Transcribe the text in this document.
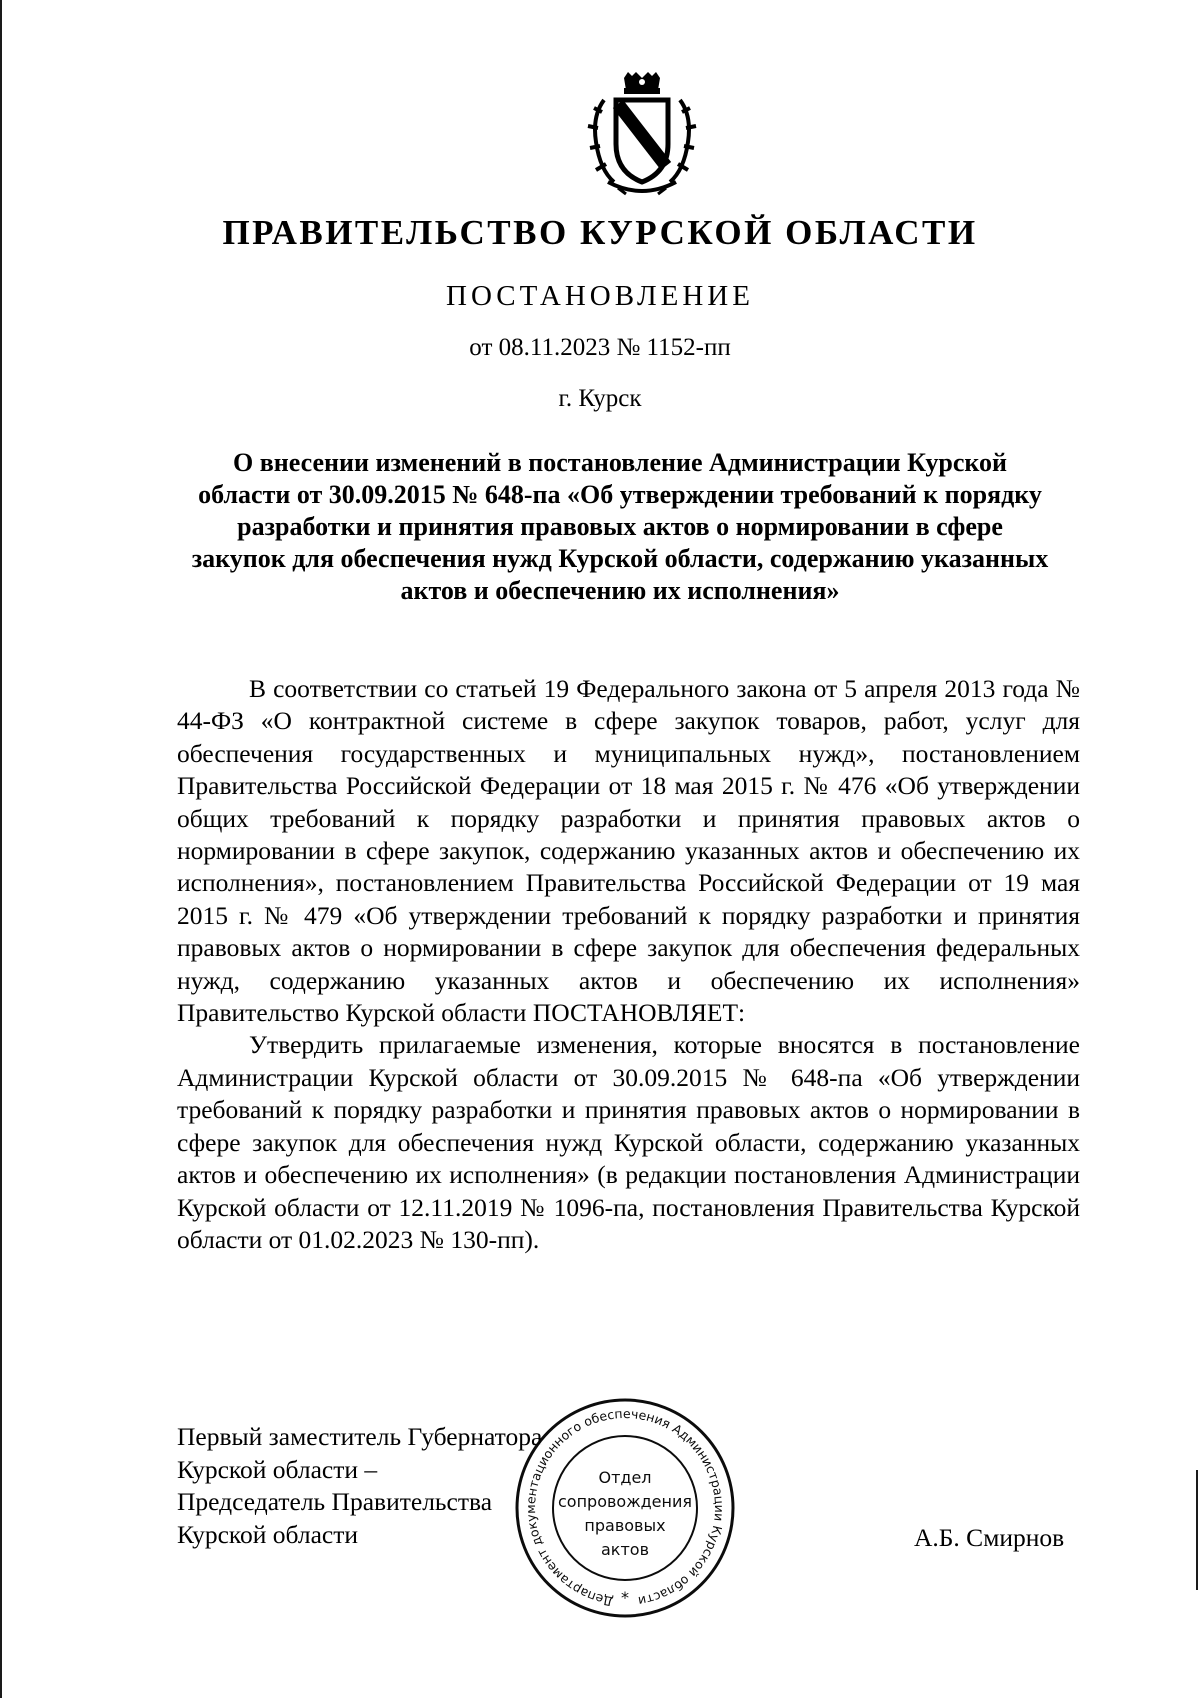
ПРАВИТЕЛЬСТВО КУРСКОЙ ОБЛАСТИ
ПОСТАНОВЛЕНИЕ
от 08.11.2023 № 1152-пп
г. Курск
О внесении изменений в постановление Администрации Курской области от 30.09.2015 № 648-па «Об утверждении требований к порядку разработки и принятия правовых актов о нормировании в сфере закупок для обеспечения нужд Курской области, содержанию указанных актов и обеспечению их исполнения»

В соответствии со статьей 19 Федерального закона от 5 апреля 2013 года № 44-ФЗ «О контрактной системе в сфере закупок товаров, работ, услуг для обеспечения государственных и муниципальных нужд», постановлением Правительства Российской Федерации от 18 мая 2015 г. № 476 «Об утверждении общих требований к порядку разработки и принятия правовых актов о нормировании в сфере закупок, содержанию указанных актов и обеспечению их исполнения», постановлением Правительства Российской Федерации от 19 мая 2015 г. № 479 «Об утверждении требований к порядку разработки и принятия правовых актов о нормировании в сфере закупок для обеспечения федеральных нужд, содержанию указанных актов и обеспечению их исполнения» Правительство Курской области ПОСТАНОВЛЯЕТ:

Утвердить прилагаемые изменения, которые вносятся в постановление Администрации Курской области от 30.09.2015 № 648-па «Об утверждении требований к порядку разработки и принятия правовых актов о нормировании в сфере закупок для обеспечения нужд Курской области, содержанию указанных актов и обеспечению их исполнения» (в редакции постановления Администрации Курской области от 12.11.2019 № 1096-па, постановления Правительства Курской области от 01.02.2023 № 130-пп).

Первый заместитель Губернатора
Курской области –
Председатель Правительства
Курской области	А.Б. Смирнов
Департамент документационного обеспечения Администрации Курской области
Отдел
сопровождения
правовых
актов
*
